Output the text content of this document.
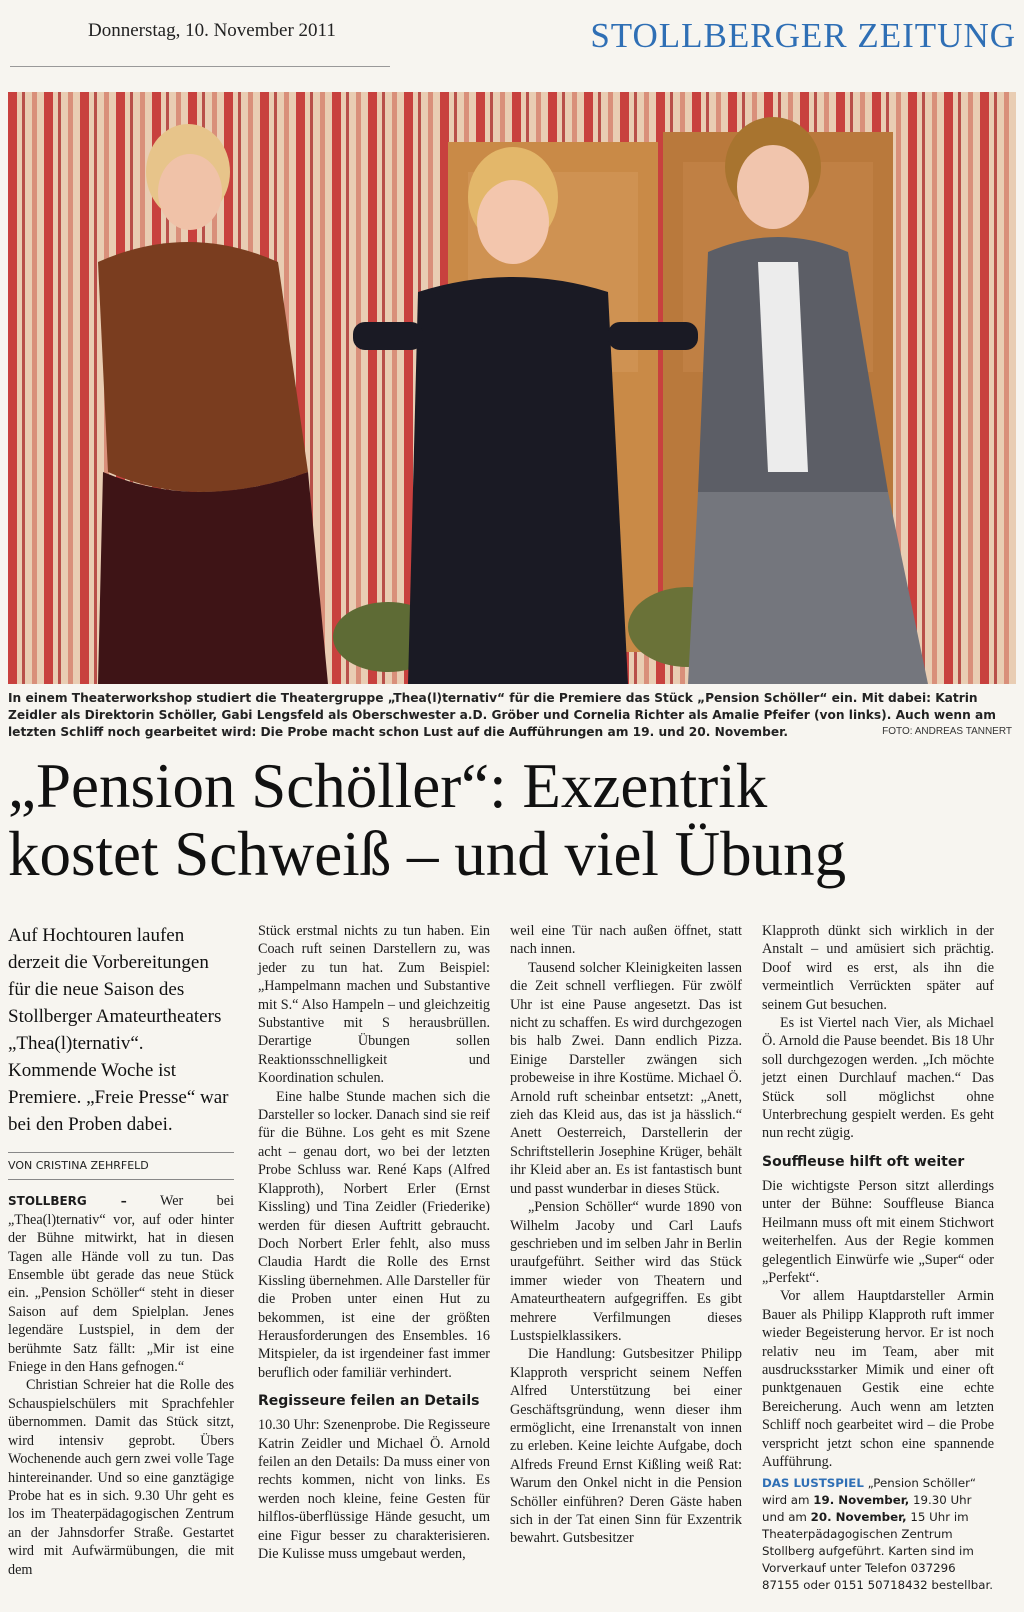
Donnerstag, 10. November 2011	STOLLBERGER ZEITUNG
In einem Theaterworkshop studiert die Theatergruppe „Thea(l)ternativ“ für die Premiere das Stück „Pension Schöller“ ein. Mit dabei: Katrin Zeidler als Direktorin Schöller, Gabi Lengsfeld als Oberschwester a.D. Gröber und Cornelia Richter als Amalie Pfeifer (von links). Auch wenn am letzten Schliff noch gearbeitet wird: Die Probe macht schon Lust auf die Aufführungen am 19. und 20. November.	FOTO: ANDREAS TANNERT
„Pension Schöller“: Exzentrik
kostet Schweiß – und viel Übung
Auf Hochtouren laufen derzeit die Vorbereitungen für die neue Saison des Stollberger Amateurtheaters „Thea(l)ternativ“. Kommende Woche ist Premiere. „Freie Presse“ war bei den Proben dabei.
VON CRISTINA ZEHRFELD

STOLLBERG – Wer bei „Thea(l)ternativ“ vor, auf oder hinter der Bühne mitwirkt, hat in diesen Tagen alle Hände voll zu tun. Das Ensemble übt gerade das neue Stück ein. „Pension Schöller“ steht in dieser Saison auf dem Spielplan. Jenes legendäre Lustspiel, in dem der berühmte Satz fällt: „Mir ist eine Fniege in den Hans gefnogen.“

Christian Schreier hat die Rolle des Schauspielschülers mit Sprachfehler übernommen. Damit das Stück sitzt, wird intensiv geprobt. Übers Wochenende auch gern zwei volle Tage hintereinander. Und so eine ganztägige Probe hat es in sich. 9.30 Uhr geht es los im Theaterpädagogischen Zentrum an der Jahnsdorfer Straße. Gestartet wird mit Aufwärmübungen, die mit dem

Stück erstmal nichts zu tun haben. Ein Coach ruft seinen Darstellern zu, was jeder zu tun hat. Zum Beispiel: „Hampelmann machen und Substantive mit S.“ Also Hampeln – und gleichzeitig Substantive mit S herausbrüllen. Derartige Übungen sollen Reaktionsschnelligkeit und Koordination schulen.

Eine halbe Stunde machen sich die Darsteller so locker. Danach sind sie reif für die Bühne. Los geht es mit Szene acht – genau dort, wo bei der letzten Probe Schluss war. René Kaps (Alfred Klapproth), Norbert Erler (Ernst Kissling) und Tina Zeidler (Friederike) werden für diesen Auftritt gebraucht. Doch Norbert Erler fehlt, also muss Claudia Hardt die Rolle des Ernst Kissling übernehmen. Alle Darsteller für die Proben unter einen Hut zu bekommen, ist eine der größten Herausforderungen des Ensembles. 16 Mitspieler, da ist irgendeiner fast immer beruflich oder familiär verhindert.

Regisseure feilen an Details

10.30 Uhr: Szenenprobe. Die Regisseure Katrin Zeidler und Michael Ö. Arnold feilen an den Details: Da muss einer von rechts kommen, nicht von links. Es werden noch kleine, feine Gesten für hilflos-überflüssige Hände gesucht, um eine Figur besser zu charakterisieren. Die Kulisse muss umgebaut werden,

weil eine Tür nach außen öffnet, statt nach innen.

Tausend solcher Kleinigkeiten lassen die Zeit schnell verfliegen. Für zwölf Uhr ist eine Pause angesetzt. Das ist nicht zu schaffen. Es wird durchgezogen bis halb Zwei. Dann endlich Pizza. Einige Darsteller zwängen sich probeweise in ihre Kostüme. Michael Ö. Arnold ruft scheinbar entsetzt: „Anett, zieh das Kleid aus, das ist ja hässlich.“ Anett Oesterreich, Darstellerin der Schriftstellerin Josephine Krüger, behält ihr Kleid aber an. Es ist fantastisch bunt und passt wunderbar in dieses Stück.

„Pension Schöller“ wurde 1890 von Wilhelm Jacoby und Carl Laufs geschrieben und im selben Jahr in Berlin uraufgeführt. Seither wird das Stück immer wieder von Theatern und Amateurtheatern aufgegriffen. Es gibt mehrere Verfilmungen dieses Lustspielklassikers.

Die Handlung: Gutsbesitzer Philipp Klapproth verspricht seinem Neffen Alfred Unterstützung bei einer Geschäftsgründung, wenn dieser ihm ermöglicht, eine Irrenanstalt von innen zu erleben. Keine leichte Aufgabe, doch Alfreds Freund Ernst Kißling weiß Rat: Warum den Onkel nicht in die Pension Schöller einführen? Deren Gäste haben sich in der Tat einen Sinn für Exzentrik bewahrt. Gutsbesitzer

Klapproth dünkt sich wirklich in der Anstalt – und amüsiert sich prächtig. Doof wird es erst, als ihn die vermeintlich Verrückten später auf seinem Gut besuchen.

Es ist Viertel nach Vier, als Michael Ö. Arnold die Pause beendet. Bis 18 Uhr soll durchgezogen werden. „Ich möchte jetzt einen Durchlauf machen.“ Das Stück soll möglichst ohne Unterbrechung gespielt werden. Es geht nun recht zügig.

Souffleuse hilft oft weiter

Die wichtigste Person sitzt allerdings unter der Bühne: Souffleuse Bianca Heilmann muss oft mit einem Stichwort weiterhelfen. Aus der Regie kommen gelegentlich Einwürfe wie „Super“ oder „Perfekt“.

Vor allem Hauptdarsteller Armin Bauer als Philipp Klapproth ruft immer wieder Begeisterung hervor. Er ist noch relativ neu im Team, aber mit ausdrucksstarker Mimik und einer oft punktgenauen Gestik eine echte Bereicherung. Auch wenn am letzten Schliff noch gearbeitet wird – die Probe verspricht jetzt schon eine spannende Aufführung.

DAS LUSTSPIEL „Pension Schöller“ wird am 19. November, 19.30 Uhr und am 20. November, 15 Uhr im Theaterpädagogischen Zentrum Stollberg aufgeführt. Karten sind im Vorverkauf unter Telefon 037296 87155 oder 0151 50718432 bestellbar.
